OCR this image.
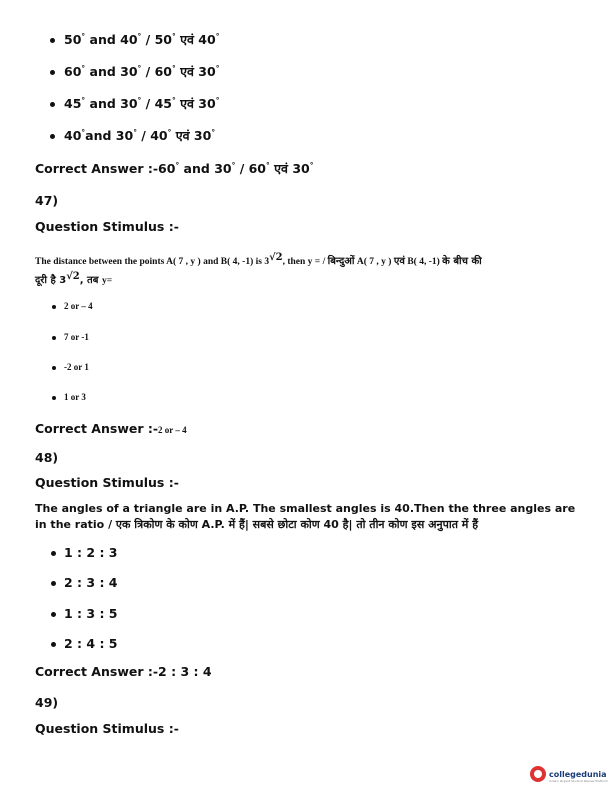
50° and 40° / 50° एवं 40°
60° and 30° / 60° एवं 30°
45° and 30° / 45° एवं 30°
40°and 30° / 40° एवं 30°
Correct Answer :-60° and 30° / 60° एवं 30°
47)
Question Stimulus :-
The distance between the points A( 7 , y ) and B( 4, -1) is $3^{√2}$, then y = / बिन्दुओं A( 7 , y ) एवं B( 4, -1) के बीच की
दूरी है $3^{√2}$, तब y=
2 or – 4
7 or -1
-2 or 1
1 or 3
Correct Answer :-2 or – 4
48)
Question Stimulus :-
The angles of a triangle are in A.P. The smallest angles is 40.Then the three angles are
in the ratio / एक त्रिकोण के कोण A.P. में हैं| सबसे छोटा कोण 40 है| तो तीन कोण इस अनुपात में हैं
1 : 2 : 3
2 : 3 : 4
1 : 3 : 5
2 : 4 : 5
Correct Answer :-2 : 3 : 4
49)
Question Stimulus :-
collegedunia
India's largest Student Review Platform
